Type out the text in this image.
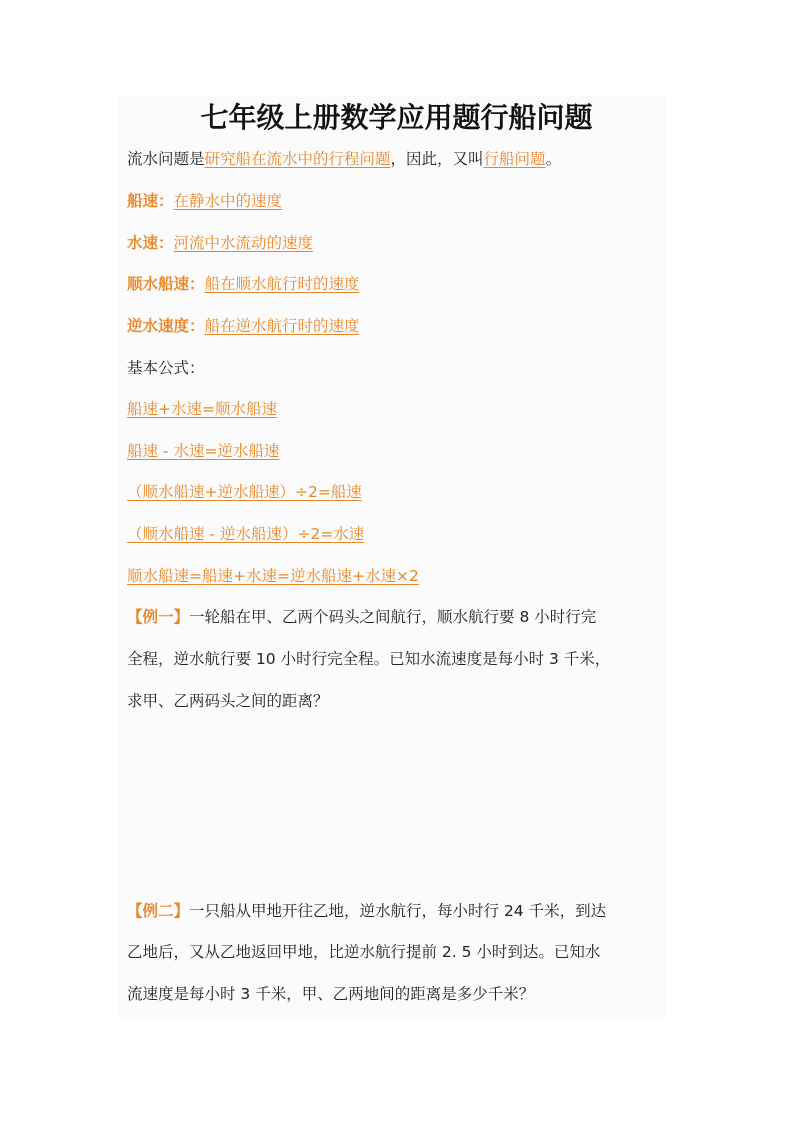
七年级上册数学应用题行船问题
流水问题是研究船在流水中的行程问题，因此，又叫行船问题。
船速：在静水中的速度
水速：河流中水流动的速度
顺水船速：船在顺水航行时的速度
逆水速度：船在逆水航行时的速度
基本公式：
船速+水速=顺水船速
船速 - 水速=逆水船速
（顺水船速+逆水船速）÷2=船速
（顺水船速 - 逆水船速）÷2=水速
顺水船速=船速+水速=逆水船速+水速×2
【例一】一轮船在甲、乙两个码头之间航行，顺水航行要 8 小时行完
全程，逆水航行要 10 小时行完全程。已知水流速度是每小时 3 千米，
求甲、乙两码头之间的距离？
【例二】一只船从甲地开往乙地，逆水航行，每小时行 24 千米，到达
乙地后，又从乙地返回甲地，比逆水航行提前 2. 5 小时到达。已知水
流速度是每小时 3 千米，甲、乙两地间的距离是多少千米？
